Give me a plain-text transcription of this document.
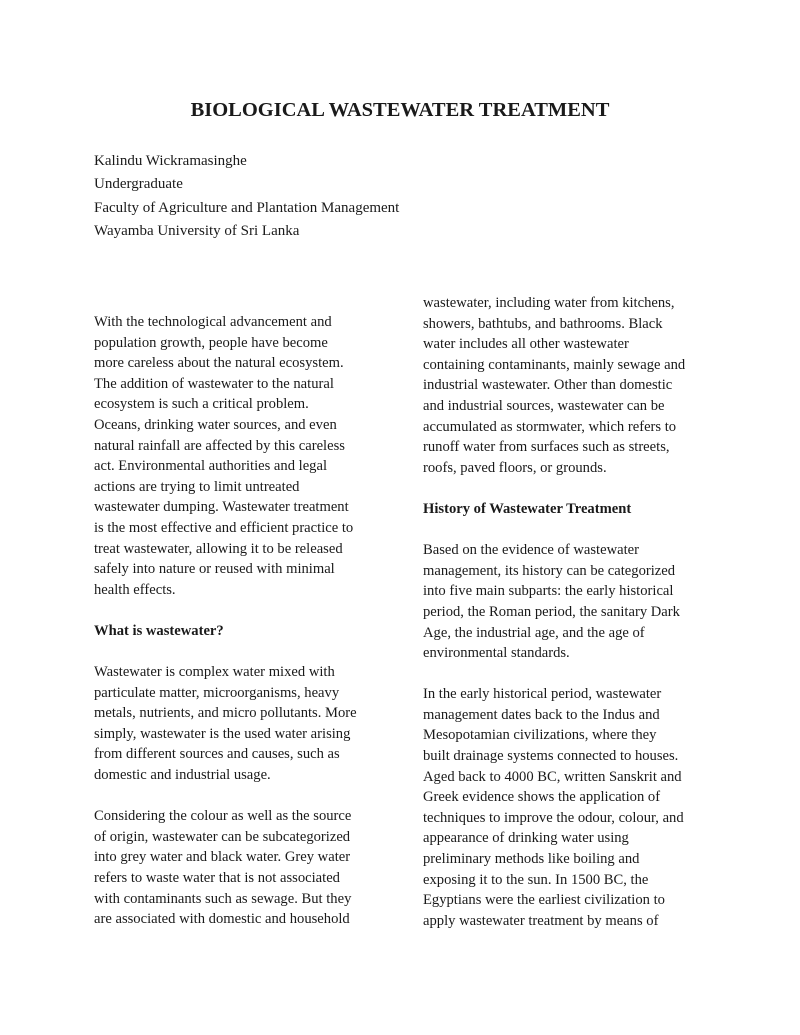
BIOLOGICAL WASTEWATER TREATMENT
Kalindu Wickramasinghe
Undergraduate
Faculty of Agriculture and Plantation Management
Wayamba University of Sri Lanka
With the technological advancement and
population growth, people have become
more careless about the natural ecosystem.
The addition of wastewater to the natural
ecosystem is such a critical problem.
Oceans, drinking water sources, and even
natural rainfall are affected by this careless
act. Environmental authorities and legal
actions are trying to limit untreated
wastewater dumping. Wastewater treatment
is the most effective and efficient practice to
treat wastewater, allowing it to be released
safely into nature or reused with minimal
health effects.
What is wastewater?
Wastewater is complex water mixed with
particulate matter, microorganisms, heavy
metals, nutrients, and micro pollutants. More
simply, wastewater is the used water arising
from different sources and causes, such as
domestic and industrial usage.
Considering the colour as well as the source
of origin, wastewater can be subcategorized
into grey water and black water. Grey water
refers to waste water that is not associated
with contaminants such as sewage. But they
are associated with domestic and household
wastewater, including water from kitchens,
showers, bathtubs, and bathrooms. Black
water includes all other wastewater
containing contaminants, mainly sewage and
industrial wastewater. Other than domestic
and industrial sources, wastewater can be
accumulated as stormwater, which refers to
runoff water from surfaces such as streets,
roofs, paved floors, or grounds.
History of Wastewater Treatment
Based on the evidence of wastewater
management, its history can be categorized
into five main subparts: the early historical
period, the Roman period, the sanitary Dark
Age, the industrial age, and the age of
environmental standards.
In the early historical period, wastewater
management dates back to the Indus and
Mesopotamian civilizations, where they
built drainage systems connected to houses.
Aged back to 4000 BC, written Sanskrit and
Greek evidence shows the application of
techniques to improve the odour, colour, and
appearance of drinking water using
preliminary methods like boiling and
exposing it to the sun. In 1500 BC, the
Egyptians were the earliest civilization to
apply wastewater treatment by means of
